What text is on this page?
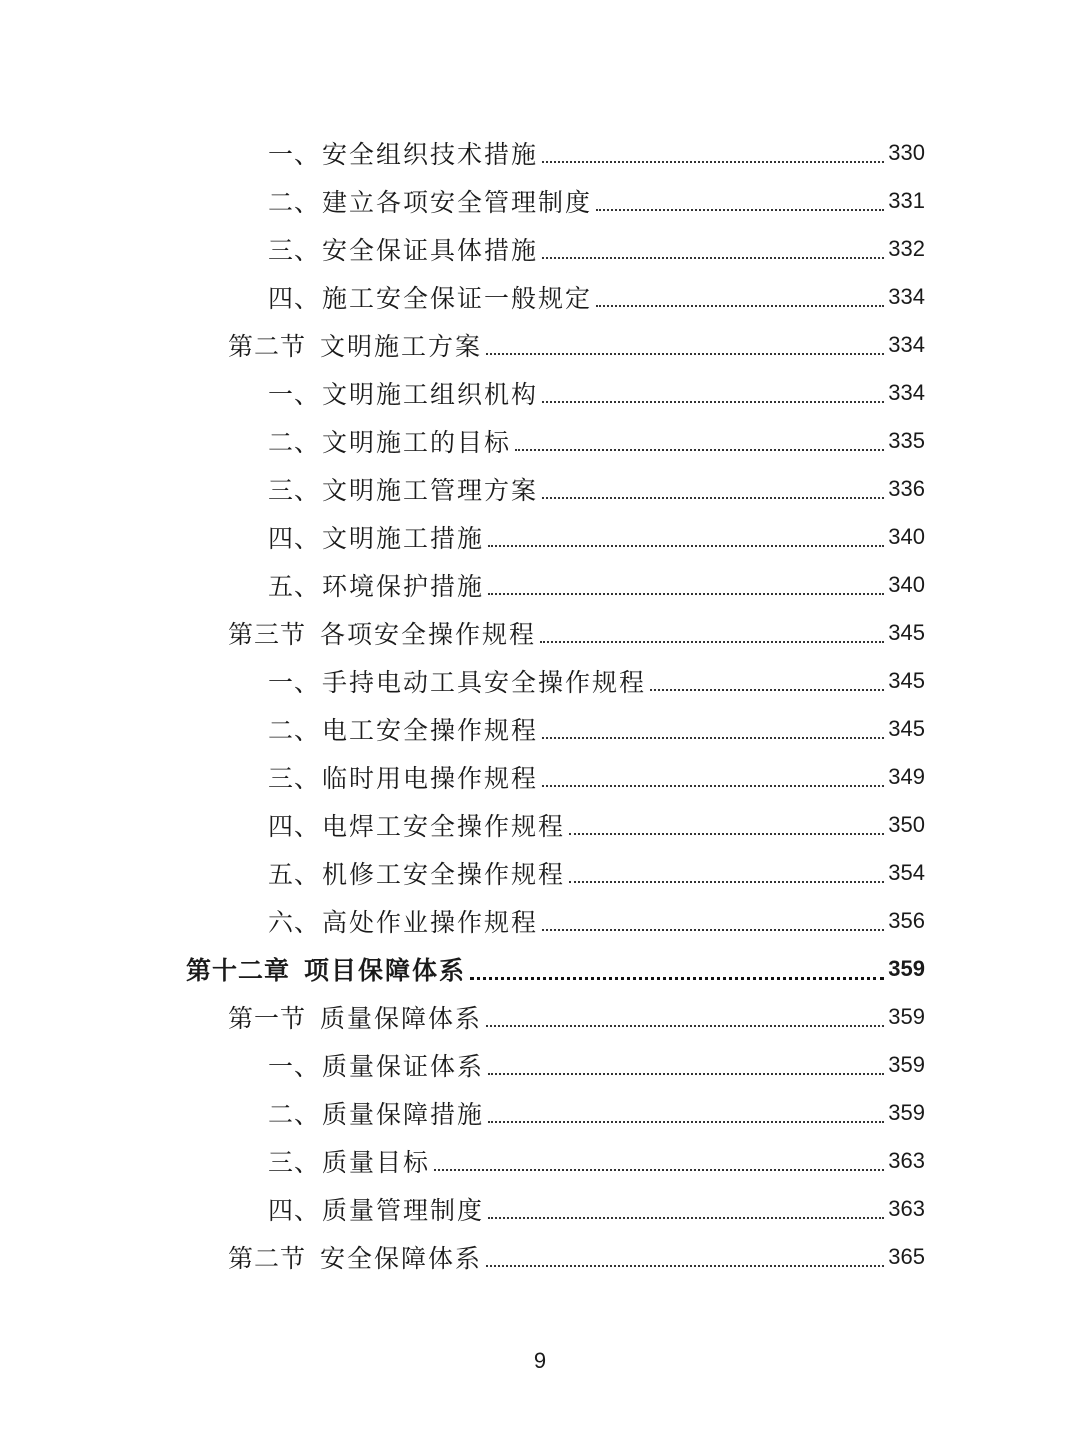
一、 安全组织技术措施	330
二、 建立各项安全管理制度	331
三、 安全保证具体措施	332
四、 施工安全保证一般规定	334
第二节 文明施工方案	334
一、 文明施工组织机构	334
二、 文明施工的目标	335
三、 文明施工管理方案	336
四、 文明施工措施	340
五、 环境保护措施	340
第三节 各项安全操作规程	345
一、 手持电动工具安全操作规程	345
二、 电工安全操作规程	345
三、 临时用电操作规程	349
四、 电焊工安全操作规程	350
五、 机修工安全操作规程	354
六、 高处作业操作规程	356
第十二章 项目保障体系	359
第一节 质量保障体系	359
一、 质量保证体系	359
二、 质量保障措施	359
三、 质量目标	363
四、 质量管理制度	363
第二节 安全保障体系	365
9
